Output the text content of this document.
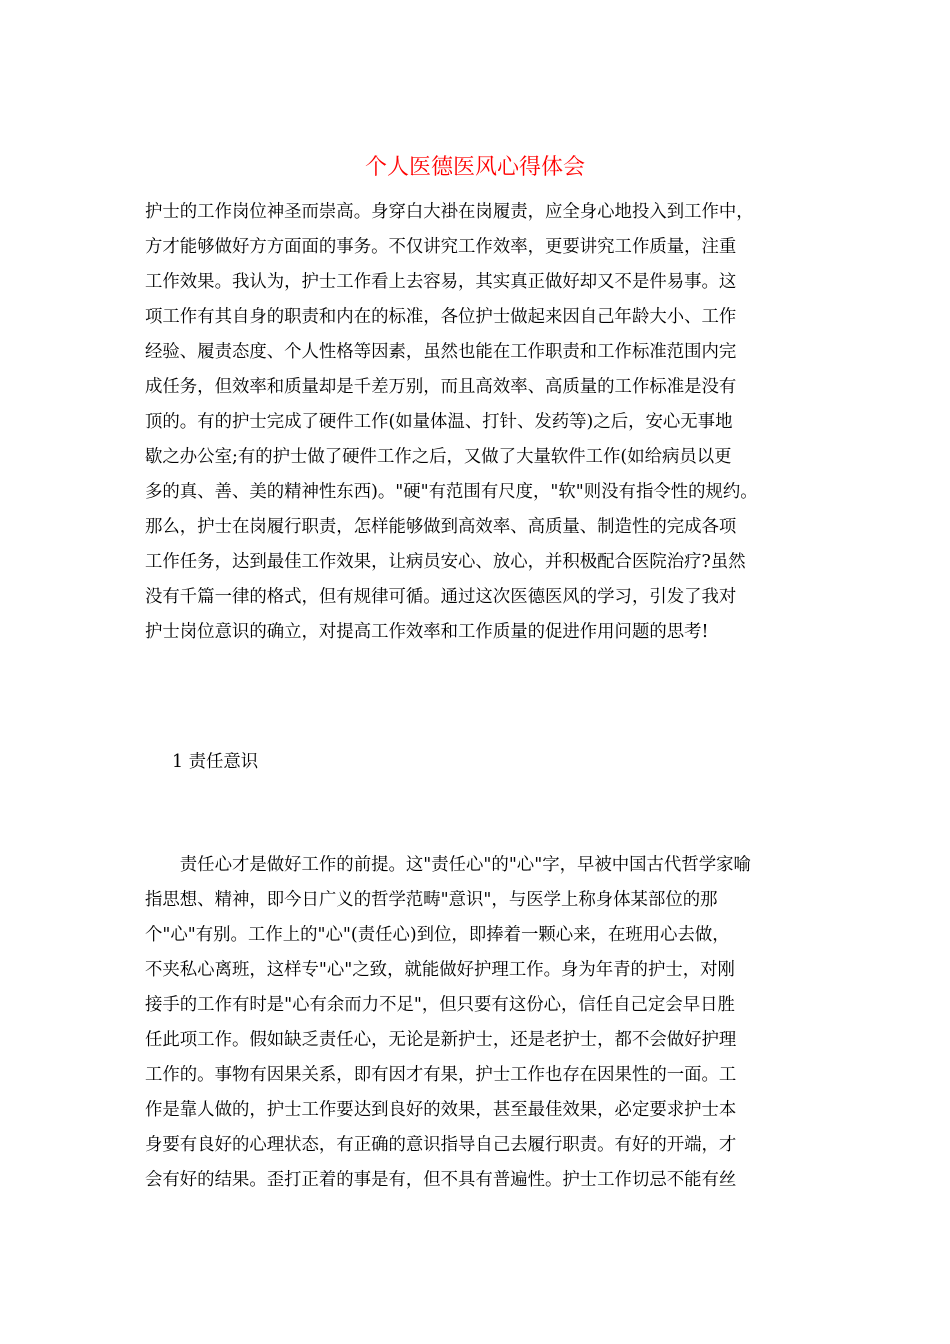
个人医德医风心得体会
护士的工作岗位神圣而崇高。身穿白大褂在岗履责，应全身心地投入到工作中，
方才能够做好方方面面的事务。不仅讲究工作效率，更要讲究工作质量，注重
工作效果。我认为，护士工作看上去容易，其实真正做好却又不是件易事。这
项工作有其自身的职责和内在的标准，各位护士做起来因自己年龄大小、工作
经验、履责态度、个人性格等因素，虽然也能在工作职责和工作标准范围内完
成任务，但效率和质量却是千差万别，而且高效率、高质量的工作标准是没有
顶的。有的护士完成了硬件工作(如量体温、打针、发药等)之后，安心无事地
歇之办公室;有的护士做了硬件工作之后，又做了大量软件工作(如给病员以更
多的真、善、美的精神性东西)。"硬"有范围有尺度，"软"则没有指令性的规约。
那么，护士在岗履行职责，怎样能够做到高效率、高质量、制造性的完成各项
工作任务，达到最佳工作效果，让病员安心、放心，并积极配合医院治疗?虽然
没有千篇一律的格式，但有规律可循。通过这次医德医风的学习，引发了我对
护士岗位意识的确立，对提高工作效率和工作质量的促进作用问题的思考!
1 责任意识
　　责任心才是做好工作的前提。这"责任心"的"心"字，早被中国古代哲学家喻
指思想、精神，即今日广义的哲学范畴"意识"，与医学上称身体某部位的那
个"心"有别。工作上的"心"(责任心)到位，即捧着一颗心来，在班用心去做，
不夹私心离班，这样专"心"之致，就能做好护理工作。身为年青的护士，对刚
接手的工作有时是"心有余而力不足"，但只要有这份心，信任自己定会早日胜
任此项工作。假如缺乏责任心，无论是新护士，还是老护士，都不会做好护理
工作的。事物有因果关系，即有因才有果，护士工作也存在因果性的一面。工
作是靠人做的，护士工作要达到良好的效果，甚至最佳效果，必定要求护士本
身要有良好的心理状态，有正确的意识指导自己去履行职责。有好的开端，才
会有好的结果。歪打正着的事是有，但不具有普遍性。护士工作切忌不能有丝
